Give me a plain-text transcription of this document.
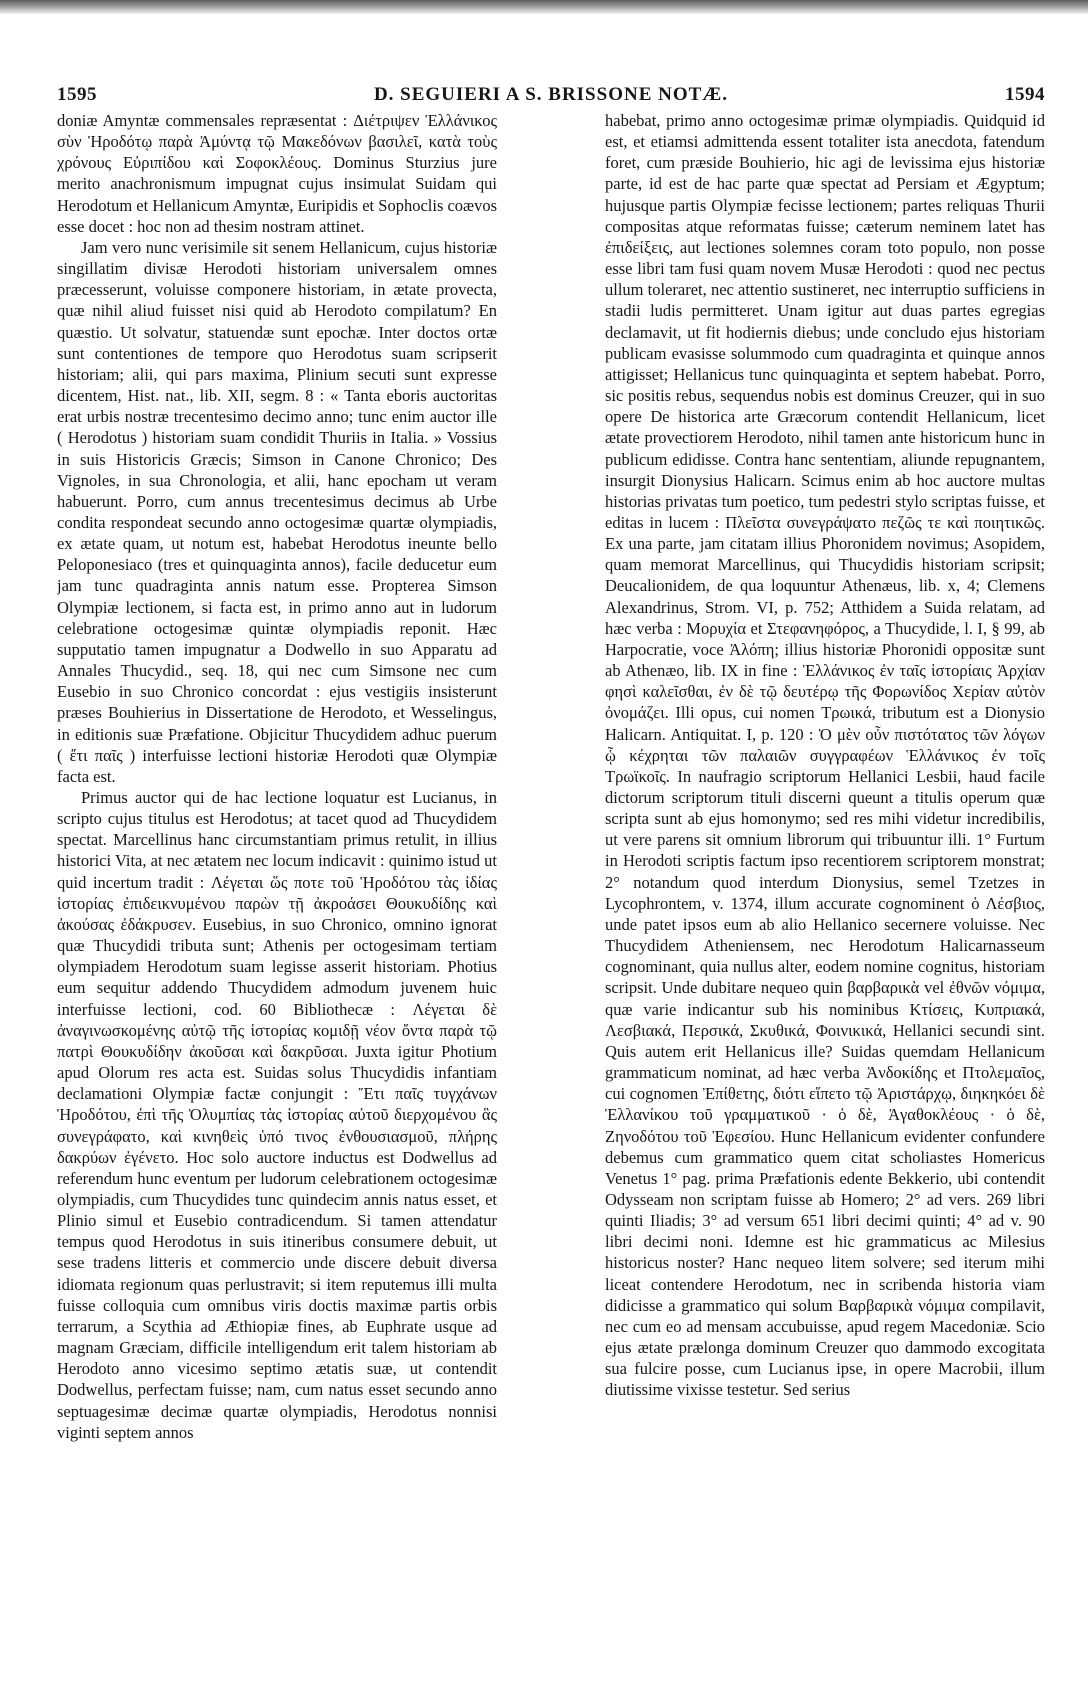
1595	D. SEGUIERI A S. BRISSONE NOTÆ.	1594

doniæ Amyntæ commensales repræsentat : Διέτριψεν Ἑλλάνικος σὺν Ἡροδότῳ παρὰ Ἀμύντᾳ τῷ Μακεδόνων βασιλεῖ, κατὰ τοὺς χρόνους Εὐριπίδου καὶ Σοφοκλέους. Dominus Sturzius jure merito anachronismum impugnat cujus insimulat Suidam qui Herodotum et Hellanicum Amyntæ, Euripidis et Sophoclis coævos esse docet : hoc non ad thesim nostram attinet.

Jam vero nunc verisimile sit senem Hellanicum, cujus historiæ singillatim divisæ Herodoti historiam universalem omnes præcesserunt, voluisse componere historiam, in ætate provecta, quæ nihil aliud fuisset nisi quid ab Herodoto compilatum? En quæstio. Ut solvatur, statuendæ sunt epochæ. Inter doctos ortæ sunt contentiones de tempore quo Herodotus suam scripserit historiam; alii, qui pars maxima, Plinium secuti sunt expresse dicentem, Hist. nat., lib. XII, segm. 8 : « Tanta eboris auctoritas erat urbis nostræ trecentesimo decimo anno; tunc enim auctor ille ( Herodotus ) historiam suam condidit Thuriis in Italia. » Vossius in suis Historicis Græcis; Simson in Canone Chronico; Des Vignoles, in sua Chronologia, et alii, hanc epocham ut veram habuerunt. Porro, cum annus trecentesimus decimus ab Urbe condita respondeat secundo anno octogesimæ quartæ olympiadis, ex ætate quam, ut notum est, habebat Herodotus ineunte bello Peloponesiaco (tres et quinquaginta annos), facile deducetur eum jam tunc quadraginta annis natum esse. Propterea Simson Olympiæ lectionem, si facta est, in primo anno aut in ludorum celebratione octogesimæ quintæ olympiadis reponit. Hæc supputatio tamen impugnatur a Dodwello in suo Apparatu ad Annales Thucydid., seq. 18, qui nec cum Simsone nec cum Eusebio in suo Chronico concordat : ejus vestigiis insisterunt præses Bouhierius in Dissertatione de Herodoto, et Wesselingus, in editionis suæ Præfatione. Objicitur Thucydidem adhuc puerum ( ἔτι παῖς ) interfuisse lectioni historiæ Herodoti quæ Olympiæ facta est.

Primus auctor qui de hac lectione loquatur est Lucianus, in scripto cujus titulus est Herodotus; at tacet quod ad Thucydidem spectat. Marcellinus hanc circumstantiam primus retulit, in illius historici Vita, at nec ætatem nec locum indicavit : quinimo istud ut quid incertum tradit : Λέγεται ὥς ποτε τοῦ Ἡροδότου τὰς ἰδίας ἱστορίας ἐπιδεικνυμένου παρὼν τῇ ἀκροάσει Θουκυδίδης καὶ ἀκούσας ἐδάκρυσεν. Eusebius, in suo Chronico, omnino ignorat quæ Thucydidi tributa sunt; Athenis per octogesimam tertiam olympiadem Herodotum suam legisse asserit historiam. Photius eum sequitur addendo Thucydidem admodum juvenem huic interfuisse lectioni, cod. 60 Bibliothecæ : Λέγεται δὲ ἀναγινωσκομένης αὐτῷ τῆς ἱστορίας κομιδῇ νέον ὄντα παρὰ τῷ πατρὶ Θουκυδίδην ἀκοῦσαι καὶ δακρῦσαι. Juxta igitur Photium apud Olorum res acta est. Suidas solus Thucydidis infantiam declamationi Olympiæ factæ conjungit : Ἔτι παῖς τυγχάνων Ἡροδότου, ἐπὶ τῆς Ὀλυμπίας τὰς ἱστορίας αὐτοῦ διερχομένου ἃς συνεγράφατο, καὶ κινηθεὶς ὑπό τινος ἐνθουσιασμοῦ, πλήρης δακρύων ἐγένετο. Hoc solo auctore inductus est Dodwellus ad referendum hunc eventum per ludorum celebrationem octogesimæ olympiadis, cum Thucydides tunc quindecim annis natus esset, et Plinio simul et Eusebio contradicendum. Si tamen attendatur tempus quod Herodotus in suis itineribus consumere debuit, ut sese tradens litteris et commercio unde discere debuit diversa idiomata regionum quas perlustravit; si item reputemus illi multa fuisse colloquia cum omnibus viris doctis maximæ partis orbis terrarum, a Scythia ad Æthiopiæ fines, ab Euphrate usque ad magnam Græciam, difficile intelligendum erit talem historiam ab Herodoto anno vicesimo septimo ætatis suæ, ut contendit Dodwellus, perfectam fuisse; nam, cum natus esset secundo anno septuagesimæ decimæ quartæ olympiadis, Herodotus nonnisi viginti septem annos

habebat, primo anno octogesimæ primæ olympiadis. Quidquid id est, et etiamsi admittenda essent totaliter ista anecdota, fatendum foret, cum præside Bouhierio, hic agi de levissima ejus historiæ parte, id est de hac parte quæ spectat ad Persiam et Ægyptum; hujusque partis Olympiæ fecisse lectionem; partes reliquas Thurii compositas atque reformatas fuisse; cæterum neminem latet has ἐπιδείξεις, aut lectiones solemnes coram toto populo, non posse esse libri tam fusi quam novem Musæ Herodoti : quod nec pectus ullum toleraret, nec attentio sustineret, nec interruptio sufficiens in stadii ludis permitteret. Unam igitur aut duas partes egregias declamavit, ut fit hodiernis diebus; unde concludo ejus historiam publicam evasisse solummodo cum quadraginta et quinque annos attigisset; Hellanicus tunc quinquaginta et septem habebat. Porro, sic positis rebus, sequendus nobis est dominus Creuzer, qui in suo opere De historica arte Græcorum contendit Hellanicum, licet ætate provectiorem Herodoto, nihil tamen ante historicum hunc in publicum edidisse. Contra hanc sententiam, aliunde repugnantem, insurgit Dionysius Halicarn. Scimus enim ab hoc auctore multas historias privatas tum poetico, tum pedestri stylo scriptas fuisse, et editas in lucem : Πλεῖστα συνεγράψατο πεζῶς τε καὶ ποιητικῶς. Ex una parte, jam citatam illius Phoronidem novimus; Asopidem, quam memorat Marcellinus, qui Thucydidis historiam scripsit; Deucalionidem, de qua loquuntur Athenæus, lib. x, 4; Clemens Alexandrinus, Strom. VI, p. 752; Atthidem a Suida relatam, ad hæc verba : Μορυχία et Στεφανηφόρος, a Thucydide, l. I, § 99, ab Harpocratie, voce Ἀλόπη; illius historiæ Phoronidi oppositæ sunt ab Athenæo, lib. IX in fine : Ἑλλάνικος ἐν ταῖς ἱστορίαις Ἀρχίαν φησὶ καλεῖσθαι, ἐν δὲ τῷ δευτέρῳ τῆς Φορωνίδος Χερίαν αὐτὸν ὀνομάζει. Illi opus, cui nomen Τρωικά, tributum est a Dionysio Halicarn. Antiquitat. I, p. 120 : Ὁ μὲν οὖν πιστότατος τῶν λόγων ᾧ κέχρηται τῶν παλαιῶν συγγραφέων Ἑλλάνικος ἐν τοῖς Τρωϊκοῖς. In naufragio scriptorum Hellanici Lesbii, haud facile dictorum scriptorum tituli discerni queunt a titulis operum quæ scripta sunt ab ejus homonymo; sed res mihi videtur incredibilis, ut vere parens sit omnium librorum qui tribuuntur illi. 1° Furtum in Herodoti scriptis factum ipso recentiorem scriptorem monstrat; 2° notandum quod interdum Dionysius, semel Tzetzes in Lycophrontem, v. 1374, illum accurate cognominent ὁ Λέσβιος, unde patet ipsos eum ab alio Hellanico secernere voluisse. Nec Thucydidem Atheniensem, nec Herodotum Halicarnasseum cognominant, quia nullus alter, eodem nomine cognitus, historiam scripsit. Unde dubitare nequeo quin βαρβαρικὰ vel ἐθνῶν νόμιμα, quæ varie indicantur sub his nominibus Κτίσεις, Κυπριακά, Λεσβιακά, Περσικά, Σκυθικά, Φοινικικά, Hellanici secundi sint. Quis autem erit Hellanicus ille? Suidas quemdam Hellanicum grammaticum nominat, ad hæc verba Ἀνδοκίδης et Πτολεμαῖος, cui cognomen Ἐπίθετης, διότι εἵπετο τῷ Ἀριστάρχῳ, διηκηκόει δὲ Ἑλλανίκου τοῦ γραμματικοῦ · ὁ δὲ, Ἀγαθοκλέους · ὁ δὲ, Ζηνοδότου τοῦ Ἐφεσίου. Hunc Hellanicum evidenter confundere debemus cum grammatico quem citat scholiastes Homericus Venetus 1° pag. prima Præfationis edente Bekkerio, ubi contendit Odysseam non scriptam fuisse ab Homero; 2° ad vers. 269 libri quinti Iliadis; 3° ad versum 651 libri decimi quinti; 4° ad v. 90 libri decimi noni. Idemne est hic grammaticus ac Milesius historicus noster? Hanc nequeo litem solvere; sed iterum mihi liceat contendere Herodotum, nec in scribenda historia viam didicisse a grammatico qui solum Βαρβαρικὰ νόμιμα compilavit, nec cum eo ad mensam accubuisse, apud regem Macedoniæ. Scio ejus ætate prælonga dominum Creuzer quo dammodo excogitata sua fulcire posse, cum Lucianus ipse, in opere Macrobii, illum diutissime vixisse testetur. Sed serius
